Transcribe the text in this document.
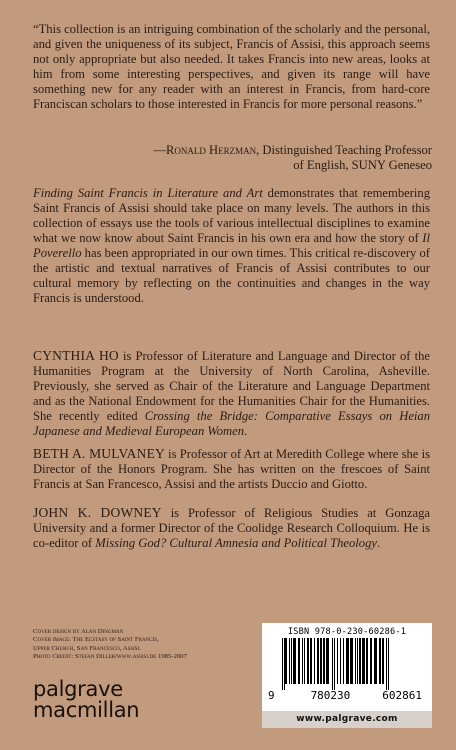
“This collection is an intriguing combination of the scholarly and the personal, and given the uniqueness of its subject, Francis of Assisi, this approach seems not only appropriate but also needed. It takes Francis into new areas, looks at him from some interesting perspectives, and given its range will have something new for any reader with an interest in Francis, from hard-core Franciscan scholars to those interested in Francis for more personal reasons.”
—Ronald Herzman, Distinguished Teaching Professor
of English, SUNY Geneseo
Finding Saint Francis in Literature and Art demonstrates that remembering Saint Francis of Assisi should take place on many levels. The authors in this collection of essays use the tools of various intellectual disciplines to examine what we now know about Saint Francis in his own era and how the story of Il Poverello has been appropriated in our own times. This critical re-discovery of the artistic and textual narratives of Francis of Assisi contributes to our cultural memory by reflecting on the continuities and changes in the way Francis is understood.
CYNTHIA HO is Professor of Literature and Language and Director of the Humanities Program at the University of North Carolina, Asheville. Previously, she served as Chair of the Literature and Language Department and as the National Endowment for the Humanities Chair for the Humanities. She recently edited Crossing the Bridge: Comparative Essays on Heian Japanese and Medieval European Women.
BETH A. MULVANEY is Professor of Art at Meredith College where she is Director of the Honors Program. She has written on the frescoes of Saint Francis at San Francesco, Assisi and the artists Duccio and Giotto.
JOHN K. DOWNEY is Professor of Religious Studies at Gonzaga University and a former Director of the Coolidge Research Colloquium. He is co-editor of Missing God? Cultural Amnesia and Political Theology.
Cover design by Alan Dingman
Cover image: The Ecstasy of Saint Francis,
Upper Church, San Francesco, Assisi.
Photo Credit: Stefan Diller/www.assisi.de 1985-2007
palgrave
macmillan
ISBN 978-0-230-60286-1
9	780230	602861
www.palgrave.com
